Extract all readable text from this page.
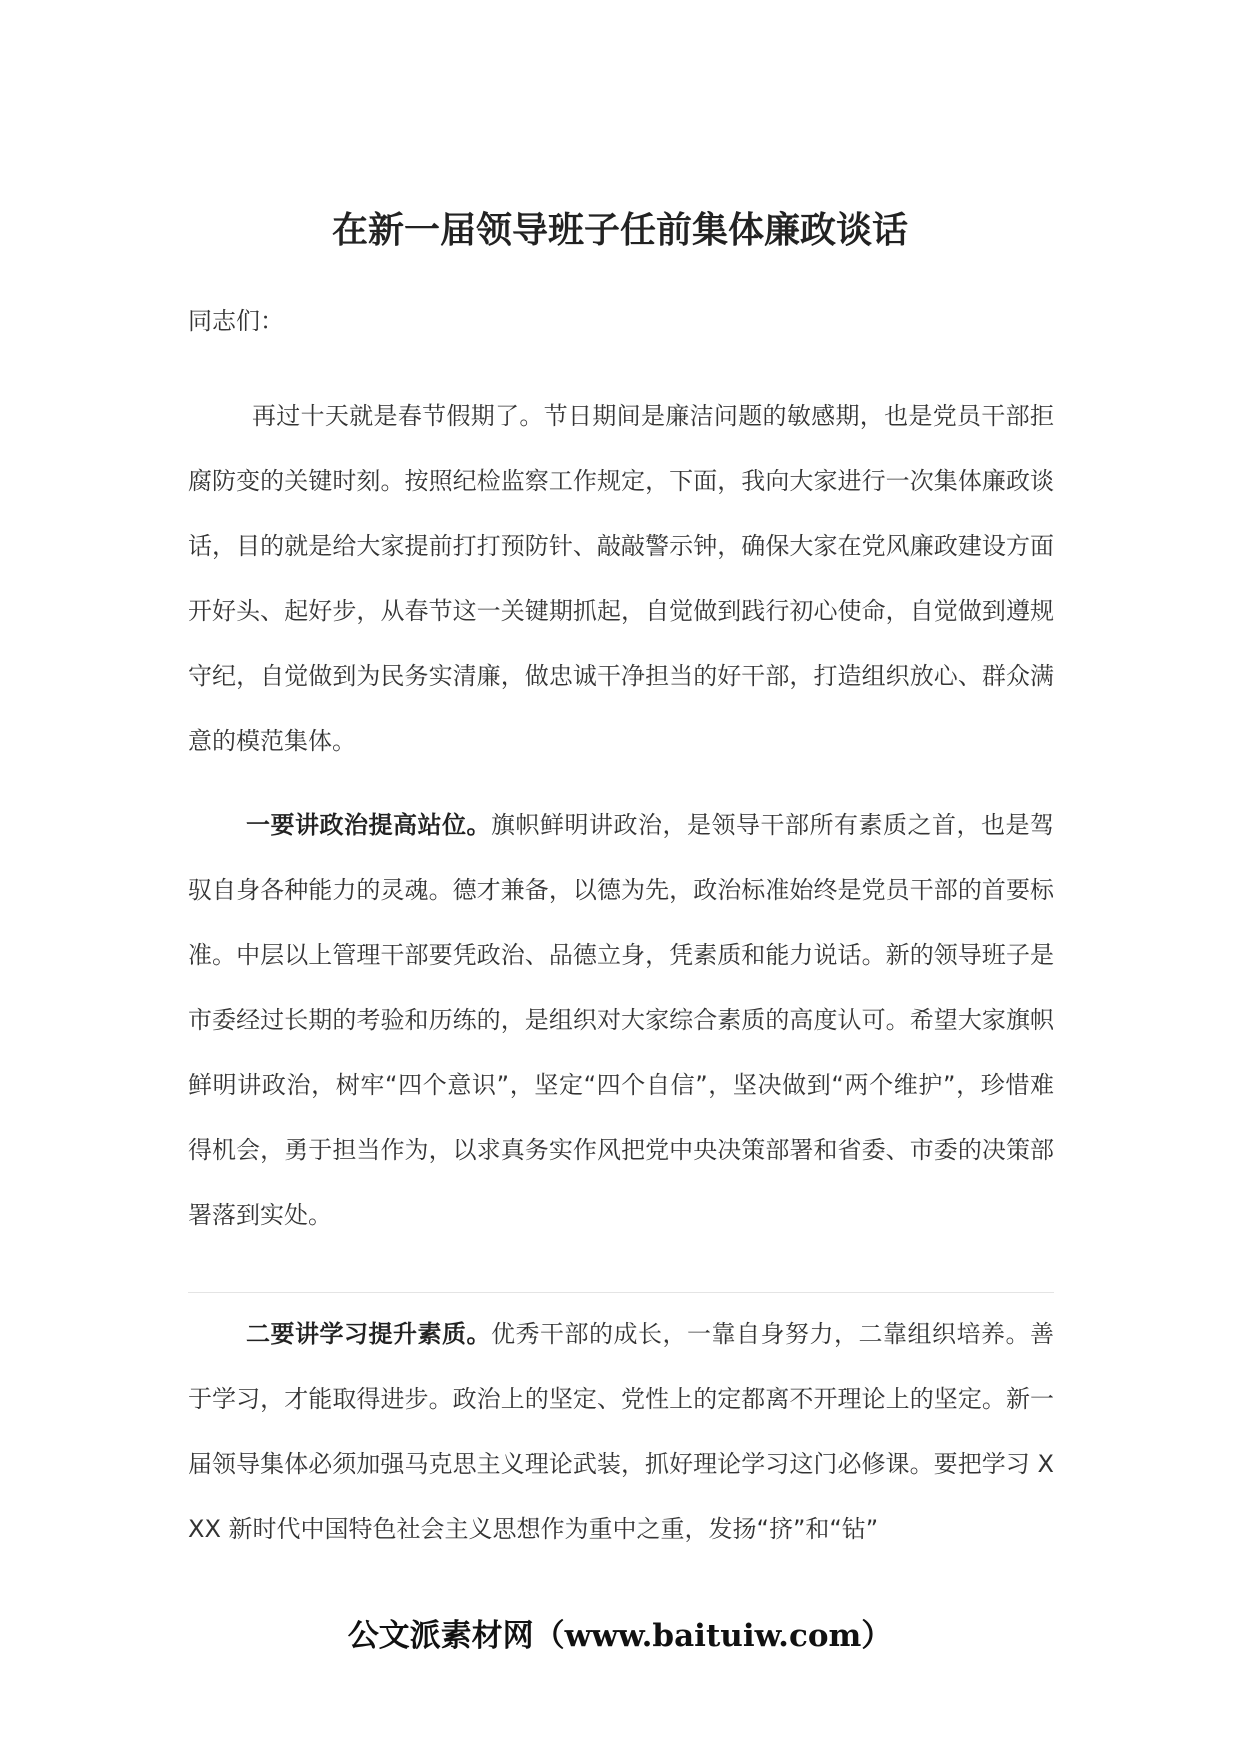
在新一届领导班子任前集体廉政谈话

同志们：

再过十天就是春节假期了。节日期间是廉洁问题的敏感期，也是党员干部拒腐防变的关键时刻。按照纪检监察工作规定，下面，我向大家进行一次集体廉政谈话，目的就是给大家提前打打预防针、敲敲警示钟，确保大家在党风廉政建设方面开好头、起好步，从春节这一关键期抓起，自觉做到践行初心使命，自觉做到遵规守纪，自觉做到为民务实清廉，做忠诚干净担当的好干部，打造组织放心、群众满意的模范集体。

一要讲政治提高站位。旗帜鲜明讲政治，是领导干部所有素质之首，也是驾驭自身各种能力的灵魂。德才兼备，以德为先，政治标准始终是党员干部的首要标准。中层以上管理干部要凭政治、品德立身，凭素质和能力说话。新的领导班子是市委经过长期的考验和历练的，是组织对大家综合素质的高度认可。希望大家旗帜鲜明讲政治，树牢“四个意识”，坚定“四个自信”，坚决做到“两个维护”，珍惜难得机会，勇于担当作为，以求真务实作风把党中央决策部署和省委、市委的决策部署落到实处。

二要讲学习提升素质。优秀干部的成长，一靠自身努力，二靠组织培养。善于学习，才能取得进步。政治上的坚定、党性上的定都离不开理论上的坚定。新一届领导集体必须加强马克思主义理论武装，抓好理论学习这门必修课。要把学习 XXX 新时代中国特色社会主义思想作为重中之重，发扬“挤”和“钻”

公文派素材网（www.baituiw.com）
